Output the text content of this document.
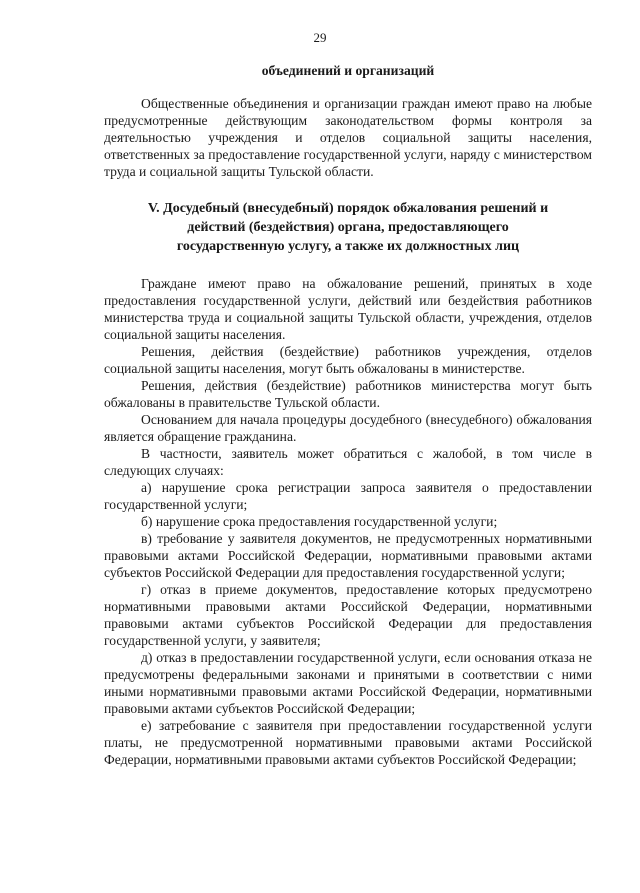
29

объединений и организаций

Общественные объединения и организации граждан имеют право на любые предусмотренные действующим законодательством формы контроля за деятельностью учреждения и отделов социальной защиты населения, ответственных за предоставление государственной услуги, наряду с министерством труда и социальной защиты Тульской области.

V. Досудебный (внесудебный) порядок обжалования решений и
действий (бездействия) органа, предоставляющего
государственную услугу, а также их должностных лиц

Граждане имеют право на обжалование решений, принятых в ходе предоставления государственной услуги, действий или бездействия работников министерства труда и социальной защиты Тульской области, учреждения, отделов социальной защиты населения.

Решения, действия (бездействие) работников учреждения, отделов социальной защиты населения, могут быть обжалованы в министерстве.

Решения, действия (бездействие) работников министерства могут быть обжалованы в правительстве Тульской области.

Основанием для начала процедуры досудебного (внесудебного) обжалования является обращение гражданина.

В частности, заявитель может обратиться с жалобой, в том числе в следующих случаях:

а) нарушение срока регистрации запроса заявителя о предоставлении государственной услуги;

б) нарушение срока предоставления государственной услуги;

в) требование у заявителя документов, не предусмотренных нормативными правовыми актами Российской Федерации, нормативными правовыми актами субъектов Российской Федерации для предоставления государственной услуги;

г) отказ в приеме документов, предоставление которых предусмотрено нормативными правовыми актами Российской Федерации, нормативными правовыми актами субъектов Российской Федерации для предоставления государственной услуги, у заявителя;

д) отказ в предоставлении государственной услуги, если основания отказа не предусмотрены федеральными законами и принятыми в соответствии с ними иными нормативными правовыми актами Российской Федерации, нормативными правовыми актами субъектов Российской Федерации;

е) затребование с заявителя при предоставлении государственной услуги платы, не предусмотренной нормативными правовыми актами Российской Федерации, нормативными правовыми актами субъектов Российской Федерации;
